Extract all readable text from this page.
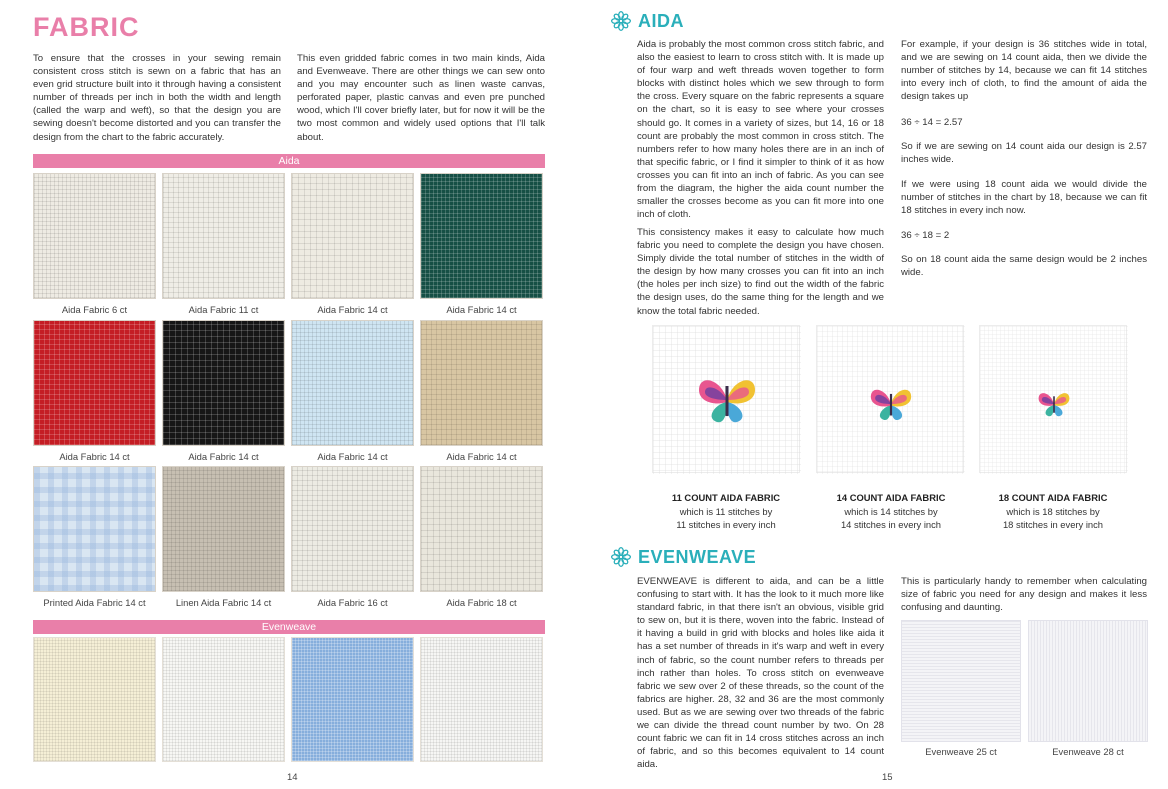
FABRIC
To ensure that the crosses in your sewing remain consistent cross stitch is sewn on a fabric that has an even grid structure built into it through having a consistent number of threads per inch in both the width and length (called the warp and weft), so that the design you are sewing doesn't become distorted and you can transfer the design from the chart to the fabric accurately.
This even gridded fabric comes in two main kinds, Aida and Evenweave. There are other things we can sew onto and you may encounter such as linen waste canvas, perforated paper, plastic canvas and even pre punched wood, which I'll cover briefly later, but for now it will be the two most common and widely used options that I'll talk about.
Aida
Aida Fabric 6 ct	Aida Fabric 11 ct	Aida Fabric 14 ct	Aida Fabric 14 ct
Aida Fabric 14 ct	Aida Fabric 14 ct	Aida Fabric 14 ct	Aida Fabric 14 ct
Printed Aida Fabric 14 ct	Linen Aida Fabric 14 ct	Aida Fabric 16 ct	Aida Fabric 18 ct
Evenweave
14
AIDA
Aida is probably the most common cross stitch fabric, and also the easiest to learn to cross stitch with. It is made up of four warp and weft threads woven together to form blocks with distinct holes which we sew through to form the cross. Every square on the fabric represents a square on the chart, so it is easy to see where your crosses should go. It comes in a variety of sizes, but 14, 16 or 18 count are probably the most common in cross stitch. The numbers refer to how many holes there are in an inch of that specific fabric, or I find it simpler to think of it as how crosses you can fit into an inch of fabric. As you can see from the diagram, the higher the aida count number the smaller the crosses become as you can fit more into one inch of cloth.
This consistency makes it easy to calculate how much fabric you need to complete the design you have chosen. Simply divide the total number of stitches in the width of the design by how many crosses you can fit into an inch (the holes per inch size) to find out the width of the fabric the design uses, do the same thing for the length and we know the total fabric needed.
For example, if your design is 36 stitches wide in total, and we are sewing on 14 count aida, then we divide the number of stitches by 14, because we can fit 14 stitches into every inch of cloth, to find the amount of aida the design takes up
36 ÷ 14 = 2.57
So if we are sewing on 14 count aida our design is 2.57 inches wide.
If we were using 18 count aida we would divide the number of stitches in the chart by 18, because we can fit 18 stitches in every inch now.
36 ÷ 18 = 2
So on 18 count aida the same design would be 2 inches wide.
11 COUNT AIDA FABRIC
which is 11 stitches by
11 stitches in every inch
14 COUNT AIDA FABRIC
which is 14 stitches by
14 stitches in every inch
18 COUNT AIDA FABRIC
which is 18 stitches by
18 stitches in every inch
EVENWEAVE
EVENWEAVE is different to aida, and can be a little confusing to start with. It has the look to it much more like standard fabric, in that there isn't an obvious, visible grid to sew on, but it is there, woven into the fabric. Instead of it having a build in grid with blocks and holes like aida it has a set number of threads in it's warp and weft in every inch of fabric, so the count number refers to threads per inch rather than holes. To cross stitch on evenweave fabric we sew over 2 of these threads, so the count of the fabrics are higher. 28, 32 and 36 are the most commonly used. But as we are sewing over two threads of the fabric we can divide the thread count number by two. On 28 count fabric we can fit in 14 cross stitches across an inch of fabric, and so this becomes equivalent to 14 count aida.
This is particularly handy to remember when calculating size of fabric you need for any design and makes it less confusing and daunting.
Evenweave 25 ct	Evenweave 28 ct
15
